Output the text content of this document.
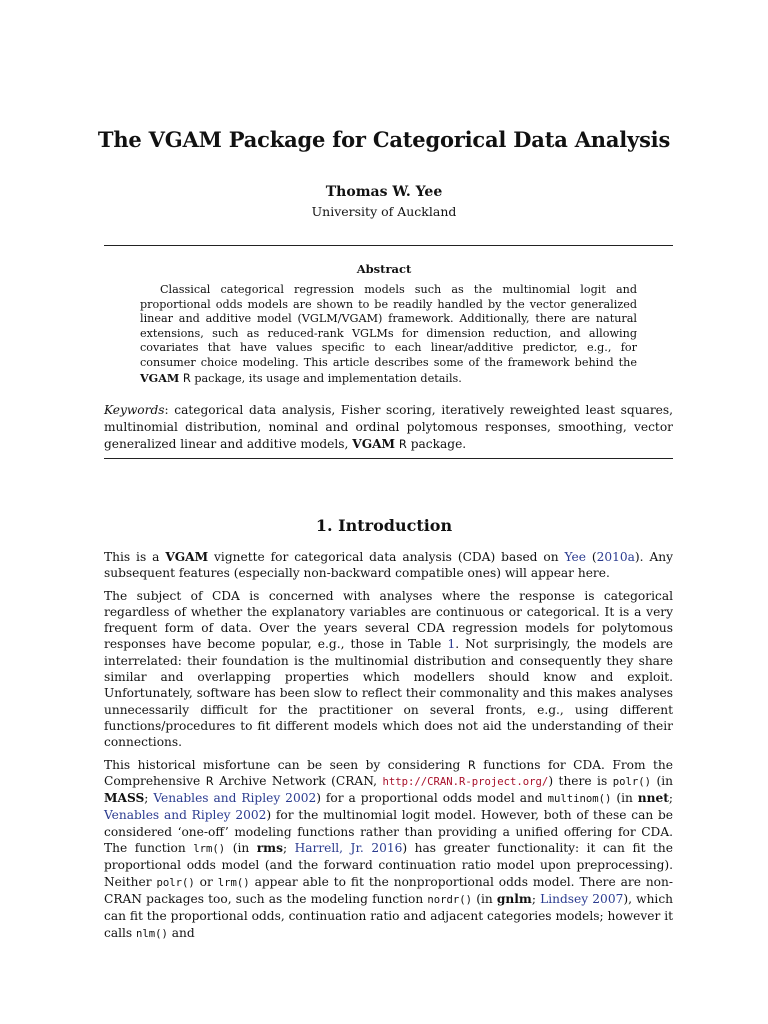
The VGAM Package for Categorical Data Analysis
Thomas W. Yee
University of Auckland
Abstract
Classical categorical regression models such as the multinomial logit and proportional odds models are shown to be readily handled by the vector generalized linear and additive model (VGLM/VGAM) framework. Additionally, there are natural extensions, such as reduced-rank VGLMs for dimension reduction, and allowing covariates that have values specific to each linear/additive predictor, e.g., for consumer choice modeling. This article describes some of the framework behind the VGAM R package, its usage and implementation details.
Keywords: categorical data analysis, Fisher scoring, iteratively reweighted least squares, multinomial distribution, nominal and ordinal polytomous responses, smoothing, vector generalized linear and additive models, VGAM R package.
1. Introduction

This is a VGAM vignette for categorical data analysis (CDA) based on Yee (2010a). Any subsequent features (especially non-backward compatible ones) will appear here.

The subject of CDA is concerned with analyses where the response is categorical regardless of whether the explanatory variables are continuous or categorical. It is a very frequent form of data. Over the years several CDA regression models for polytomous responses have become popular, e.g., those in Table 1. Not surprisingly, the models are interrelated: their foundation is the multinomial distribution and consequently they share similar and overlapping properties which modellers should know and exploit. Unfortunately, software has been slow to reflect their commonality and this makes analyses unnecessarily difficult for the practitioner on several fronts, e.g., using different functions/procedures to fit different models which does not aid the understanding of their connections.

This historical misfortune can be seen by considering R functions for CDA. From the Comprehensive R Archive Network (CRAN, http://CRAN.R-project.org/) there is polr() (in MASS; Venables and Ripley 2002) for a proportional odds model and multinom() (in nnet; Venables and Ripley 2002) for the multinomial logit model. However, both of these can be considered ‘one-off’ modeling functions rather than providing a unified offering for CDA. The function lrm() (in rms; Harrell, Jr. 2016) has greater functionality: it can fit the proportional odds model (and the forward continuation ratio model upon preprocessing). Neither polr() or lrm() appear able to fit the nonproportional odds model. There are non-CRAN packages too, such as the modeling function nordr() (in gnlm; Lindsey 2007), which can fit the proportional odds, continuation ratio and adjacent categories models; however it calls nlm() and
